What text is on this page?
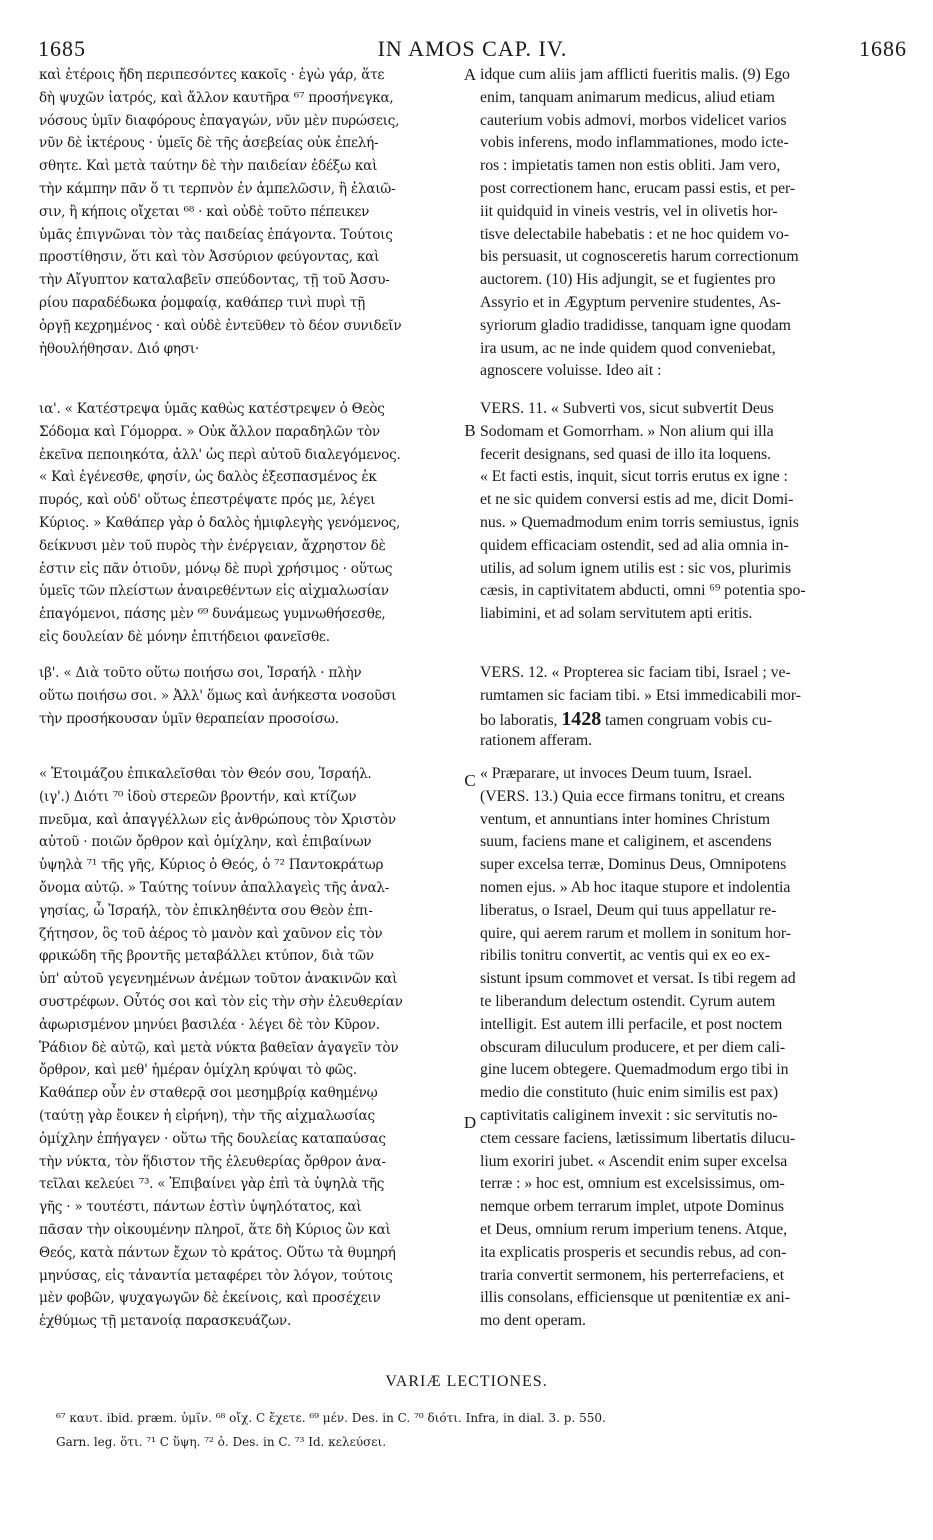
1685	IN AMOS CAP. IV.	1686
A
B
C
D
καὶ ἑτέροις ἤδη περιπεσόντες κακοῖς · ἐγὼ γάρ, ἅτε
δὴ ψυχῶν ἰατρός, καὶ ἄλλον καυτῆρα ⁶⁷ προσήνεγκα,
νόσους ὑμῖν διαφόρους ἐπαγαγών, νῦν μὲν πυρώσεις,
νῦν δὲ ἰκτέρους · ὑμεῖς δὲ τῆς ἀσεβείας οὐκ ἐπελή-
σθητε. Καὶ μετὰ ταύτην δὲ τὴν παιδείαν ἐδέξω καὶ
τὴν κάμπην πᾶν ὅ τι τερπνὸν ἐν ἀμπελῶσιν, ἢ ἐλαιῶ-
σιν, ἢ κήποις οἴχεται ⁶⁸ · καὶ οὐδὲ τοῦτο πέπεικεν
ὑμᾶς ἐπιγνῶναι τὸν τὰς παιδείας ἐπάγοντα. Τούτοις
προστίθησιν, ὅτι καὶ τὸν Ἀσσύριον φεύγοντας, καὶ
τὴν Αἴγυπτον καταλαβεῖν σπεύδοντας, τῇ τοῦ Ἀσσυ-
ρίου παραδέδωκα ῥομφαίᾳ, καθάπερ τινὶ πυρὶ τῇ
ὀργῇ κεχρημένος · καὶ οὐδὲ ἐντεῦθεν τὸ δέον συνιδεῖν
ἠθουλήθησαν. Διό φησι·
ια'. « Κατέστρεψα ὑμᾶς καθὼς κατέστρεψεν ὁ Θεὸς
Σόδομα καὶ Γόμορρα. » Οὐκ ἄλλον παραδηλῶν τὸν
ἐκεῖνα πεποιηκότα, ἀλλ' ὡς περὶ αὐτοῦ διαλεγόμενος.
« Καὶ ἐγένεσθε, φησίν, ὡς δαλὸς ἐξεσπασμένος ἐκ
πυρός, καὶ οὐδ' οὕτως ἐπεστρέψατε πρός με, λέγει
Κύριος. » Καθάπερ γὰρ ὁ δαλὸς ἡμιφλεγὴς γενόμενος,
δείκνυσι μὲν τοῦ πυρὸς τὴν ἐνέργειαν, ἄχρηστον δὲ
ἐστιν εἰς πᾶν ὁτιοῦν, μόνῳ δὲ πυρὶ χρήσιμος · οὕτως
ὑμεῖς τῶν πλείστων ἀναιρεθέντων εἰς αἰχμαλωσίαν
ἐπαγόμενοι, πάσης μὲν ⁶⁹ δυνάμεως γυμνωθήσεσθε,
εἰς δουλείαν δὲ μόνην ἐπιτήδειοι φανεῖσθε.
ιβ'. « Διὰ τοῦτο οὕτω ποιήσω σοι, Ἰσραήλ · πλὴν
οὕτω ποιήσω σοι. » Ἀλλ' ὅμως καὶ ἀνήκεστα νοσοῦσι
τὴν προσήκουσαν ὑμῖν θεραπείαν προσοίσω.
« Ἑτοιμάζου ἐπικαλεῖσθαι τὸν Θεόν σου, Ἰσραήλ.
(ιγ'.) Διότι ⁷⁰ ἰδοὺ στερεῶν βροντήν, καὶ κτίζων
πνεῦμα, καὶ ἀπαγγέλλων εἰς ἀνθρώπους τὸν Χριστὸν
αὐτοῦ · ποιῶν ὄρθρον καὶ ὁμίχλην, καὶ ἐπιβαίνων
ὑψηλὰ ⁷¹ τῆς γῆς, Κύριος ὁ Θεός, ὁ ⁷² Παντοκράτωρ
ὄνομα αὐτῷ. » Ταύτης τοίνυν ἀπαλλαγεὶς τῆς ἀναλ-
γησίας, ὦ Ἰσραήλ, τὸν ἐπικληθέντα σου Θεὸν ἐπι-
ζήτησον, ὃς τοῦ ἀέρος τὸ μανὸν καὶ χαῦνον εἰς τὸν
φρικώδη τῆς βροντῆς μεταβάλλει κτύπον, διὰ τῶν
ὑπ' αὐτοῦ γεγενημένων ἀνέμων τοῦτον ἀνακινῶν καὶ
συστρέφων. Οὗτός σοι καὶ τὸν εἰς τὴν σὴν ἐλευθερίαν
ἀφωρισμένον μηνύει βασιλέα · λέγει δὲ τὸν Κῦρον.
Ῥάδιον δὲ αὐτῷ, καὶ μετὰ νύκτα βαθεῖαν ἀγαγεῖν τὸν
ὄρθρον, καὶ μεθ' ἡμέραν ὁμίχλη κρύψαι τὸ φῶς.
Καθάπερ οὖν ἐν σταθερᾷ σοι μεσημβρίᾳ καθημένῳ
(ταύτῃ γὰρ ἔοικεν ἡ εἰρήνη), τὴν τῆς αἰχμαλωσίας
ὁμίχλην ἐπήγαγεν · οὕτω τῆς δουλείας καταπαύσας
τὴν νύκτα, τὸν ἥδιστον τῆς ἐλευθερίας ὄρθρον ἀνα-
τεῖλαι κελεύει ⁷³. « Ἐπιβαίνει γὰρ ἐπὶ τὰ ὑψηλὰ τῆς
γῆς · » τουτέστι, πάντων ἐστὶν ὑψηλότατος, καὶ
πᾶσαν τὴν οἰκουμένην πληροῖ, ἅτε δὴ Κύριος ὢν καὶ
Θεός, κατὰ πάντων ἔχων τὸ κράτος. Οὕτω τὰ θυμηρή
μηνύσας, εἰς τἀναντία μεταφέρει τὸν λόγον, τούτοις
μὲν φοβῶν, ψυχαγωγῶν δὲ ἐκείνοις, καὶ προσέχειν
ἐχθύμως τῇ μετανοίᾳ παρασκευάζων.
idque cum aliis jam afflicti fueritis malis. (9) Ego
enim, tanquam animarum medicus, aliud etiam
cauterium vobis admovi, morbos videlicet varios
vobis inferens, modo inflammationes, modo icte-
ros : impietatis tamen non estis obliti. Jam vero,
post correctionem hanc, erucam passi estis, et per-
iit quidquid in vineis vestris, vel in olivetis hor-
tisve delectabile habebatis : et ne hoc quidem vo-
bis persuasit, ut cognosceretis harum correctionum
auctorem. (10) His adjungit, se et fugientes pro
Assyrio et in Ægyptum pervenire studentes, As-
syriorum gladio tradidisse, tanquam igne quodam
ira usum, ac ne inde quidem quod conveniebat,
agnoscere voluisse. Ideo ait :
VERS. 11. « Subverti vos, sicut subvertit Deus
Sodomam et Gomorrham. » Non alium qui illa
fecerit designans, sed quasi de illo ita loquens.
« Et facti estis, inquit, sicut torris erutus ex igne :
et ne sic quidem conversi estis ad me, dicit Domi-
nus. » Quemadmodum enim torris semiustus, ignis
quidem efficaciam ostendit, sed ad alia omnia in-
utilis, ad solum ignem utilis est : sic vos, plurimis
cæsis, in captivitatem abducti, omni ⁶⁹ potentia spo-
liabimini, et ad solam servitutem apti eritis.
VERS. 12. « Propterea sic faciam tibi, Israel ; ve-
rumtamen sic faciam tibi. » Etsi immedicabili mor-
bo laboratis, 1428 tamen congruam vobis cu-
rationem afferam.
« Præparare, ut invoces Deum tuum, Israel.
(VERS. 13.) Quia ecce firmans tonitru, et creans
ventum, et annuntians inter homines Christum
suum, faciens mane et caliginem, et ascendens
super excelsa terræ, Dominus Deus, Omnipotens
nomen ejus. » Ab hoc itaque stupore et indolentia
liberatus, o Israel, Deum qui tuus appellatur re-
quire, qui aerem rarum et mollem in sonitum hor-
ribilis tonitru convertit, ac ventis qui ex eo ex-
sistunt ipsum commovet et versat. Is tibi regem ad
te liberandum delectum ostendit. Cyrum autem
intelligit. Est autem illi perfacile, et post noctem
obscuram diluculum producere, et per diem cali-
gine lucem obtegere. Quemadmodum ergo tibi in
medio die constituto (huic enim similis est pax)
captivitatis caliginem invexit : sic servitutis no-
ctem cessare faciens, lætissimum libertatis dilucu-
lium exoriri jubet. « Ascendit enim super excelsa
terræ : » hoc est, omnium est excelsissimus, om-
nemque orbem terrarum implet, utpote Dominus
et Deus, omnium rerum imperium tenens. Atque,
ita explicatis prosperis et secundis rebus, ad con-
traria convertit sermonem, his perterrefaciens, et
illis consolans, efficiensque ut pœnitentiæ ex ani-
mo dent operam.
VARIÆ LECTIONES.
⁶⁷ καυτ. ibid. præm. ὑμῖν. ⁶⁸ οἴχ. C ἔχετε. ⁶⁹ μέν. Des. in C. ⁷⁰ διότι. Infra, in dial. 3. p. 550.
Garn. leg. ὅτι. ⁷¹ C ὕψη. ⁷² ὁ. Des. in C. ⁷³ Id. κελεύσει.
